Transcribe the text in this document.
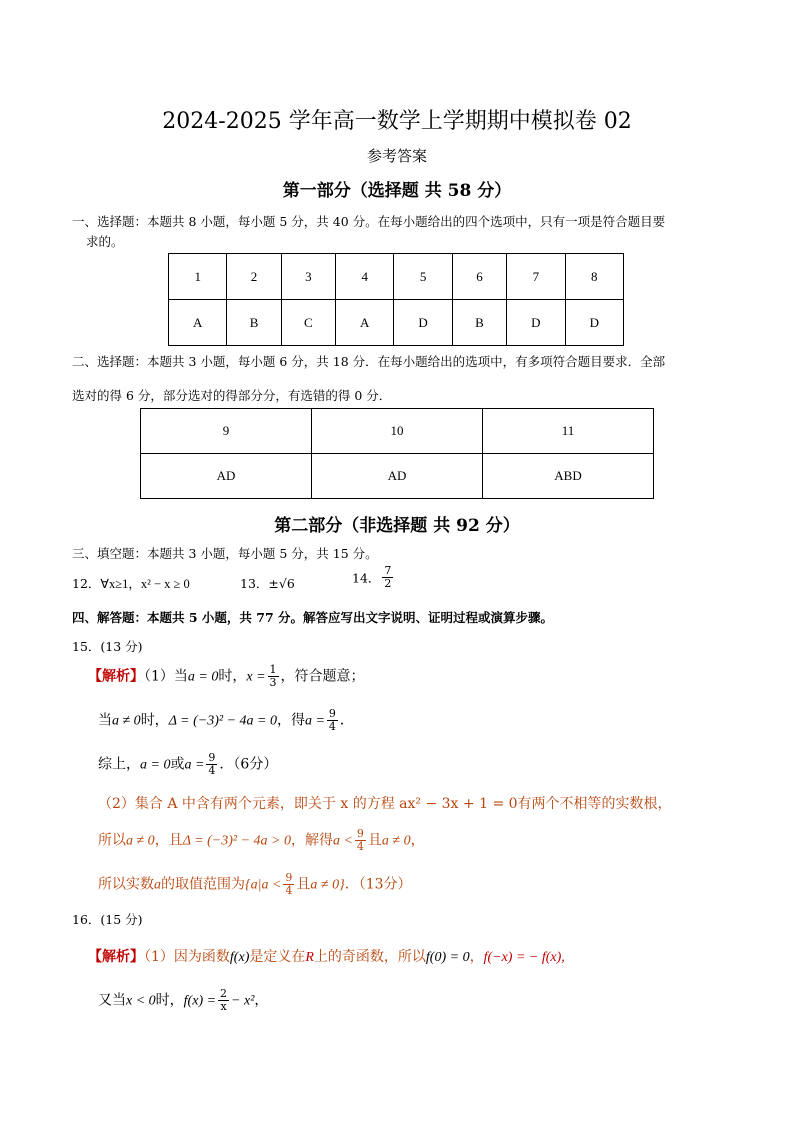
2024-2025 学年高一数学上学期期中模拟卷 02
参考答案
第一部分（选择题 共 58 分）
一、选择题：本题共 8 小题，每小题 5 分，共 40 分。在每小题给出的四个选项中，只有一项是符合题目要
求的。
1	2	3	4	5	6	7	8
A	B	C	A	D	B	D	D
二、选择题：本题共 3 小题，每小题 6 分，共 18 分．在每小题给出的选项中，有多项符合题目要求．全部
选对的得 6 分，部分选对的得部分分，有选错的得 0 分．
9	10	11
AD	AD	ABD
第二部分（非选择题 共 92 分）
三、填空题：本题共 3 小题，每小题 5 分，共 15 分。
12．∀x≥1，x² − x ≥ 0	13．±√6	14． $\frac{7}{2}$
四、解答题：本题共 5 小题，共 77 分。解答应写出文字说明、证明过程或演算步骤。
15．(13 分)
【解析】（1）当a = 0时，$x = \frac{1}{3}$ ，符合题意；
当a ≠ 0时，Δ = (−3)² − 4a = 0，得$a = \frac{9}{4}$ ．
综上，a = 0或$a = \frac{9}{4}$ ．（6分）
（2）集合 A 中含有两个元素，即关于 x 的方程 ax² − 3x + 1 = 0有两个不相等的实数根，
所以a ≠ 0，且Δ = (−3)² − 4a > 0，解得$a < \frac{9}{4}$ 且a ≠ 0，
所以实数a的取值范围为{$a|a < \frac{9}{4}$ 且a ≠ 0}．（13分）
16．(15 分)
【解析】（1）因为函数f(x)是定义在R上的奇函数，所以f(0) = 0，f(−x) = − f(x),
又当x < 0时，$f(x) = \frac{2}{x} - x^2$，
